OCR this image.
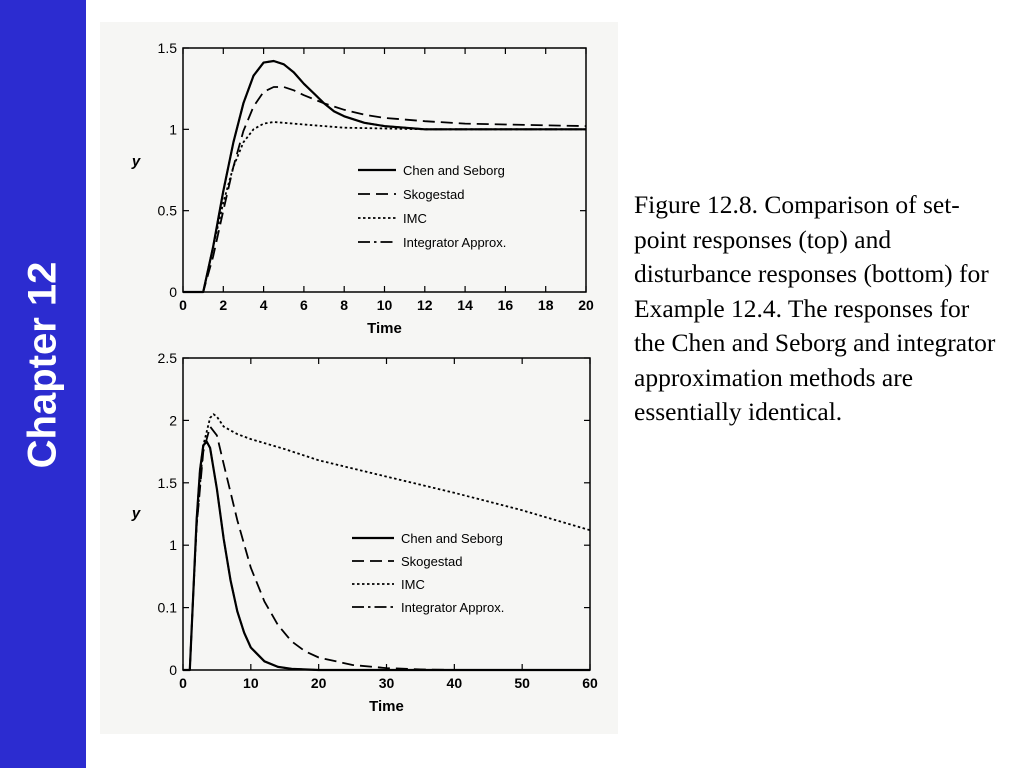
Chapter 12	0 2 4 6 8 10 12 14 16 18 20
0
0.5
1
1.5
Time
y
Chen and Seborg
Skogestad
IMC
Integrator Approx.
0	10	20	30	40	50	60
0
0.1
1
1.5
2
2.5
Time
y
Chen and Seborg
Skogestad
IMC
Integrator Approx.

Figure 12.8. Comparison of set-point responses (top) and disturbance responses (bottom) for Example 12.4. The responses for the Chen and Seborg and integrator approximation methods are essentially identical.
